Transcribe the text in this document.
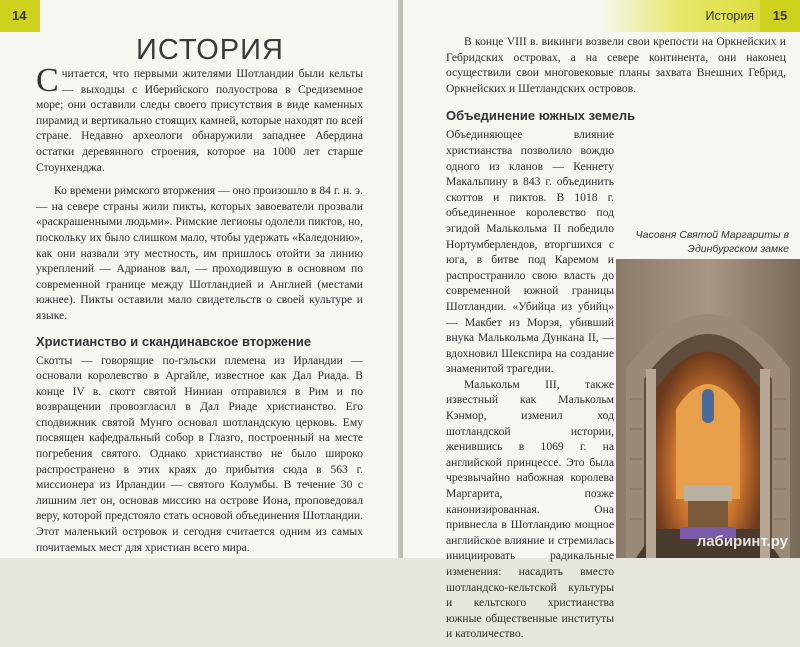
14
ИСТОРИЯ

Считается, что первыми жителями Шотландии были кельты — выходцы с Иберийского полуострова в Средиземное море; они оставили следы своего присутствия в виде каменных пирамид и вертикально стоящих камней, которые находят по всей стране. Недавно археологи обнаружили западнее Абердина остатки деревянного строения, которое на 1000 лет старше Стоунхенджа.

Ко времени римского вторжения — оно произошло в 84 г. н. э. — на севере страны жили пикты, которых завоеватели прозвали «раскрашенными людьми». Римские легионы одолели пиктов, но, поскольку их было слишком мало, чтобы удержать «Каледонию», как они назвали эту местность, им пришлось отойти за линию укреплений — Адрианов вал, — проходившую в основном по современной границе между Шотландией и Англией (местами южнее). Пикты оставили мало свидетельств о своей культуре и языке.

Христианство и скандинавское вторжение

Скотты — говорящие по-гэльски племена из Ирландии — основали королевство в Аргайле, известное как Дал Риада. В конце IV в. скотт святой Ниниан отправился в Рим и по возвращении провозгласил в Дал Риаде христианство. Его сподвижник святой Мунго основал шотландскую церковь. Ему посвящен кафедральный собор в Глазго, построенный на месте погребения святого. Однако христианство не было широко распространено в этих краях до прибытия сюда в 563 г. миссионера из Ирландии — святого Колумбы. В течение 30 с лишним лет он, основав миссию на острове Иона, проповедовал веру, которой предстояло стать основой объединения Шотландии. Этот маленький островок и сегодня считается одним из самых почитаемых мест для христиан всего мира.

История	15

В конце VIII в. викинги возвели свои крепости на Оркнейских и Гебридских островах, а на севере континента, они наконец осуществили свои многовековые планы захвата Внешних Гебрид, Оркнейских и Шетландских островов.

Объединение южных земель

Объединяющее влияние христианства позволило вождю одного из кланов — Кеннету Макальпину в 843 г. объединить скоттов и пиктов. В 1018 г. объединенное королевство под эгидой Малькольма II победило Нортумберлендов, вторгшихся с юга, в битве под Каремом и распространило свою власть до современной южной границы Шотландии. «Убийца из убийц» — Макбет из Морэя, убивший внука Малькольма Дункана II, — вдохновил Шекспира на создание знаменитой трагедии.

Малькольм III, также известный как Малькольм Кэнмор, изменил ход шотландской истории, женившись в 1069 г. на английской принцессе. Это была чрезвычайно набожная королева Маргарита, позже канонизированная. Она привнесла в Шотландию мощное английское влияние и стремилась инициировать радикальные изменения: насадить вместо шотландско-кельтской культуры и кельтского христианства южные общественные институты и католичество.

Часовня Святой Маргариты в Эдинбургском замке
лабиринт.ру
